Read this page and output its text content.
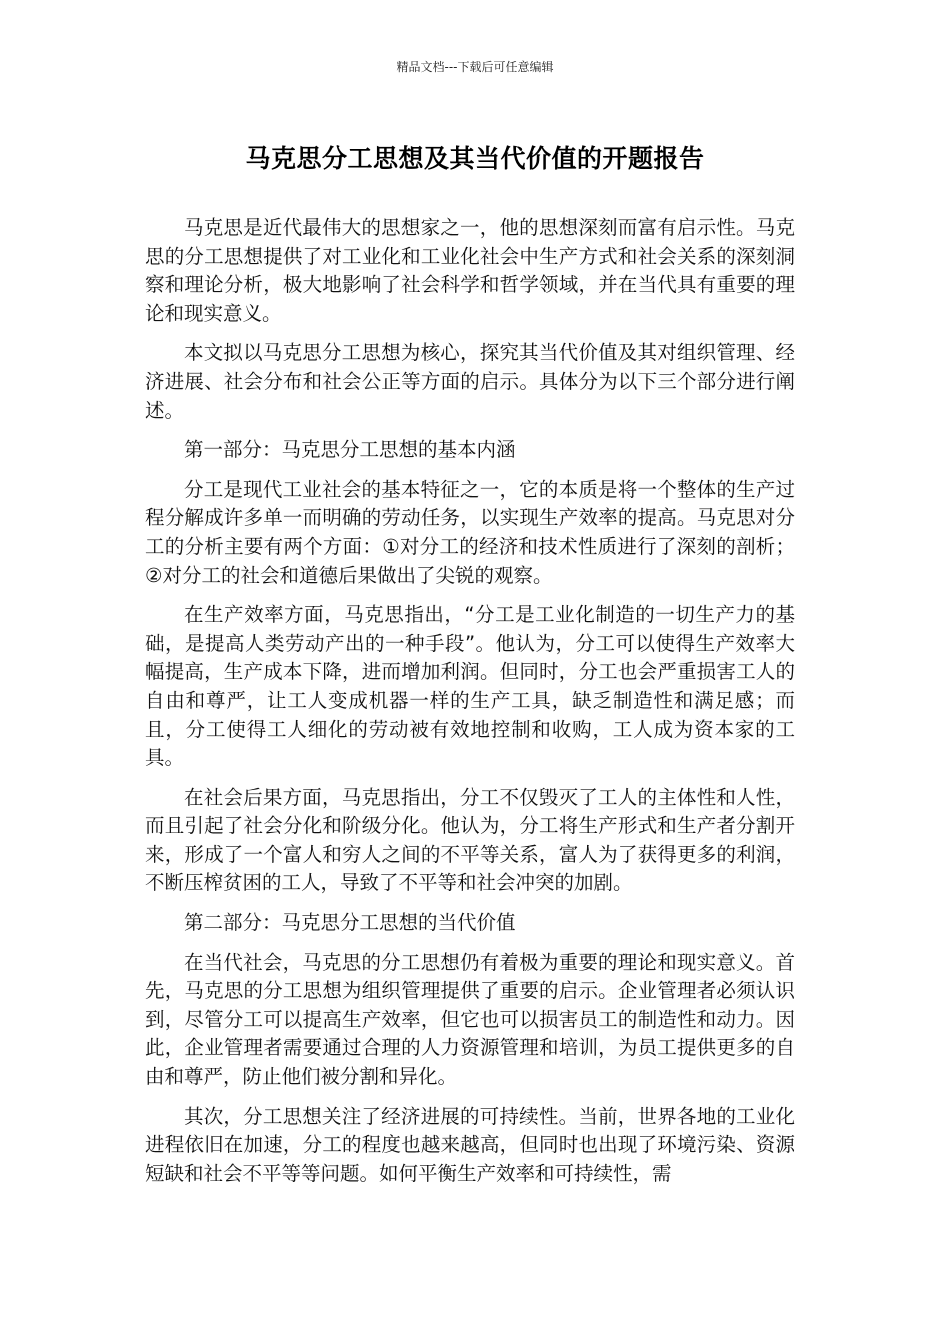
精品文档---下载后可任意编辑
马克思分工思想及其当代价值的开题报告

马克思是近代最伟大的思想家之一，他的思想深刻而富有启示性。马克思的分工思想提供了对工业化和工业化社会中生产方式和社会关系的深刻洞察和理论分析，极大地影响了社会科学和哲学领域，并在当代具有重要的理论和现实意义。

本文拟以马克思分工思想为核心，探究其当代价值及其对组织管理、经济进展、社会分布和社会公正等方面的启示。具体分为以下三个部分进行阐述。

第一部分：马克思分工思想的基本内涵

分工是现代工业社会的基本特征之一，它的本质是将一个整体的生产过程分解成许多单一而明确的劳动任务，以实现生产效率的提高。马克思对分工的分析主要有两个方面：①对分工的经济和技术性质进行了深刻的剖析；②对分工的社会和道德后果做出了尖锐的观察。

在生产效率方面，马克思指出，“分工是工业化制造的一切生产力的基础，是提高人类劳动产出的一种手段”。他认为，分工可以使得生产效率大幅提高，生产成本下降，进而增加利润。但同时，分工也会严重损害工人的自由和尊严，让工人变成机器一样的生产工具，缺乏制造性和满足感；而且，分工使得工人细化的劳动被有效地控制和收购，工人成为资本家的工具。

在社会后果方面，马克思指出，分工不仅毁灭了工人的主体性和人性，而且引起了社会分化和阶级分化。他认为，分工将生产形式和生产者分割开来，形成了一个富人和穷人之间的不平等关系，富人为了获得更多的利润，不断压榨贫困的工人，导致了不平等和社会冲突的加剧。

第二部分：马克思分工思想的当代价值

在当代社会，马克思的分工思想仍有着极为重要的理论和现实意义。首先，马克思的分工思想为组织管理提供了重要的启示。企业管理者必须认识到，尽管分工可以提高生产效率，但它也可以损害员工的制造性和动力。因此，企业管理者需要通过合理的人力资源管理和培训，为员工提供更多的自由和尊严，防止他们被分割和异化。

其次，分工思想关注了经济进展的可持续性。当前，世界各地的工业化进程依旧在加速，分工的程度也越来越高，但同时也出现了环境污染、资源短缺和社会不平等等问题。如何平衡生产效率和可持续性，需
